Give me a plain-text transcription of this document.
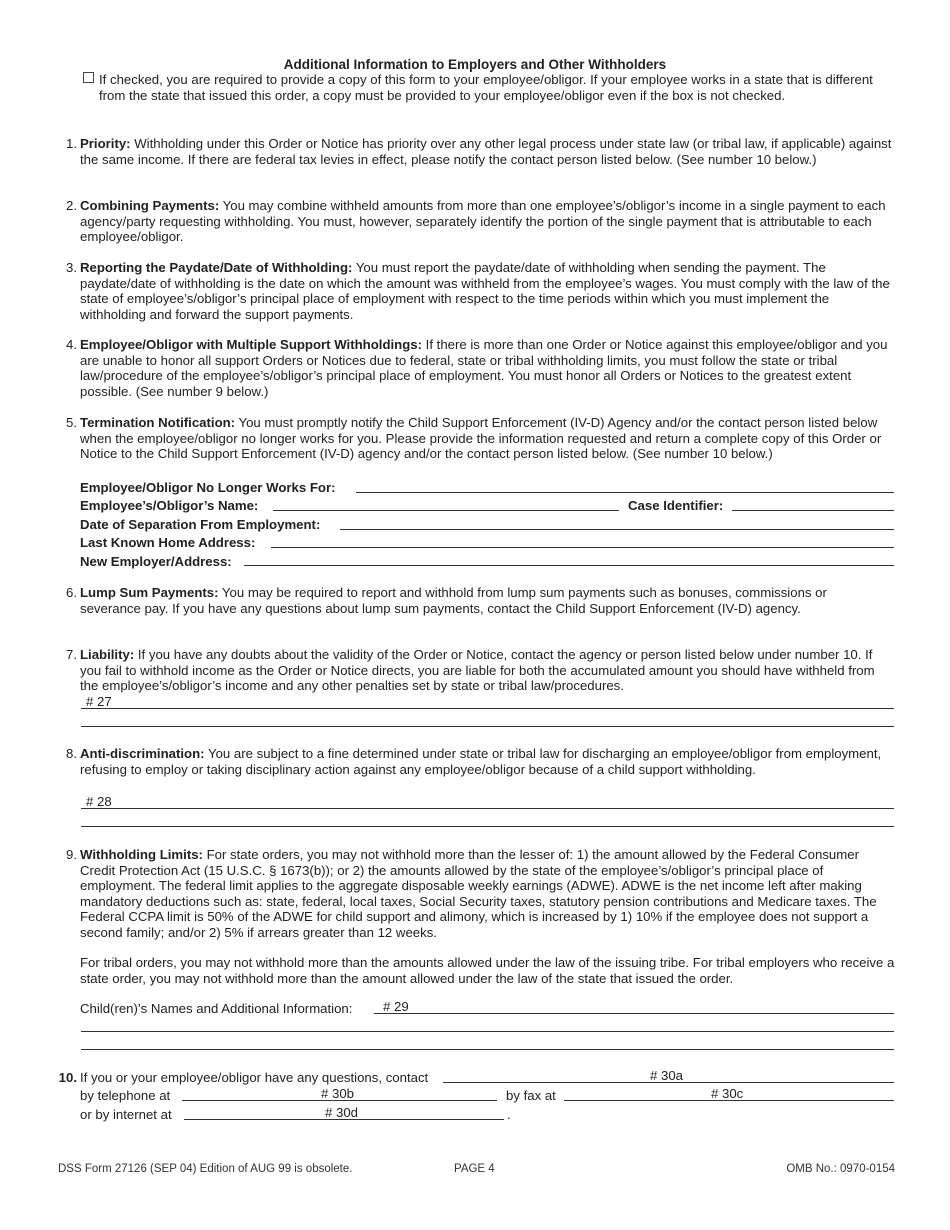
Additional Information to Employers and Other Withholders
If checked, you are required to provide a copy of this form to your employee/obligor. If your employee works in a state that is different from the state that issued this order, a copy must be provided to your employee/obligor even if the box is not checked.
1. Priority: Withholding under this Order or Notice has priority over any other legal process under state law (or tribal law, if applicable) against the same income. If there are federal tax levies in effect, please notify the contact person listed below. (See number 10 below.)
2. Combining Payments: You may combine withheld amounts from more than one employee’s/obligor’s income in a single payment to each agency/party requesting withholding. You must, however, separately identify the portion of the single payment that is attributable to each employee/obligor.
3. Reporting the Paydate/Date of Withholding: You must report the paydate/date of withholding when sending the payment. The paydate/date of withholding is the date on which the amount was withheld from the employee’s wages. You must comply with the law of the state of employee’s/obligor’s principal place of employment with respect to the time periods within which you must implement the withholding and forward the support payments.
4. Employee/Obligor with Multiple Support Withholdings: If there is more than one Order or Notice against this employee/obligor and you are unable to honor all support Orders or Notices due to federal, state or tribal withholding limits, you must follow the state or tribal law/procedure of the employee’s/obligor’s principal place of employment. You must honor all Orders or Notices to the greatest extent possible. (See number 9 below.)
5. Termination Notification: You must promptly notify the Child Support Enforcement (IV-D) Agency and/or the contact person listed below when the employee/obligor no longer works for you. Please provide the information requested and return a complete copy of this Order or Notice to the Child Support Enforcement (IV-D) agency and/or the contact person listed below. (See number 10 below.)
Employee/Obligor No Longer Works For:
Employee’s/Obligor’s Name:	Case Identifier:
Date of Separation From Employment:
Last Known Home Address:
New Employer/Address:
6. Lump Sum Payments: You may be required to report and withhold from lump sum payments such as bonuses, commissions or severance pay. If you have any questions about lump sum payments, contact the Child Support Enforcement (IV-D) agency.
7. Liability: If you have any doubts about the validity of the Order or Notice, contact the agency or person listed below under number 10. If you fail to withhold income as the Order or Notice directs, you are liable for both the accumulated amount you should have withheld from the employee’s/obligor’s income and any other penalties set by state or tribal law/procedures.
# 27
8. Anti-discrimination: You are subject to a fine determined under state or tribal law for discharging an employee/obligor from employment, refusing to employ or taking disciplinary action against any employee/obligor because of a child support withholding.
# 28
9. Withholding Limits: For state orders, you may not withhold more than the lesser of: 1) the amount allowed by the Federal Consumer Credit Protection Act (15 U.S.C. § 1673(b)); or 2) the amounts allowed by the state of the employee’s/obligor’s principal place of employment. The federal limit applies to the aggregate disposable weekly earnings (ADWE). ADWE is the net income left after making mandatory deductions such as: state, federal, local taxes, Social Security taxes, statutory pension contributions and Medicare taxes. The Federal CCPA limit is 50% of the ADWE for child support and alimony, which is increased by 1) 10% if the employee does not support a second family; and/or 2) 5% if arrears greater than 12 weeks.
For tribal orders, you may not withhold more than the amounts allowed under the law of the issuing tribe. For tribal employers who receive a state order, you may not withhold more than the amount allowed under the law of the state that issued the order.
Child(ren)’s Names and Additional Information: # 29
10. If you or your employee/obligor have any questions, contact	# 30a
by telephone at	# 30b	by fax at	# 30c
or by internet at	# 30d	.
DSS Form 27126 (SEP 04) Edition of AUG 99 is obsolete.	PAGE 4	OMB No.: 0970-0154
